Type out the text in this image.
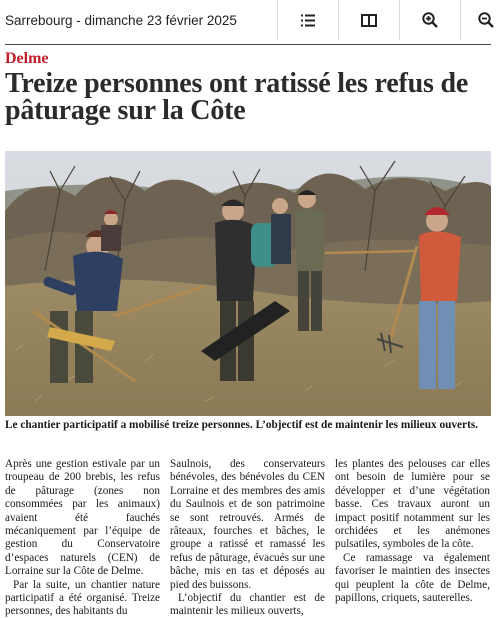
Sarrebourg - dimanche 23 février 2025
Delme
Treize personnes ont ratissé les refus de pâturage sur la Côte
Le chantier participatif a mobilisé treize personnes. L’objectif est de maintenir les milieux ouverts.

Après une gestion estivale par un troupeau de 200 brebis, les refus de pâturage (zones non consommées par les animaux) avaient été fauchés mécaniquement par l’équipe de gestion du Conservatoire d’espaces naturels (CEN) de Lorraine sur la Côte de Delme.

Par la suite, un chantier nature participatif a été organisé. Treize personnes, des habitants du

Saulnois, des conservateurs bénévoles, des bénévoles du CEN Lorraine et des membres des amis du Saulnois et de son patrimoine se sont retrouvés. Armés de râteaux, fourches et bâches, le groupe a ratissé et ramassé les refus de pâturage, évacués sur une bâche, mis en tas et déposés au pied des buissons.

L’objectif du chantier est de maintenir les milieux ouverts,

les plantes des pelouses car elles ont besoin de lumière pour se développer et d’une végétation basse. Ces travaux auront un impact positif notamment sur les orchidées et les anémones pulsatiles, symboles de la côte.

Ce ramassage va également favoriser le maintien des insectes qui peuplent la côte de Delme, papillons, criquets, sauterelles.
